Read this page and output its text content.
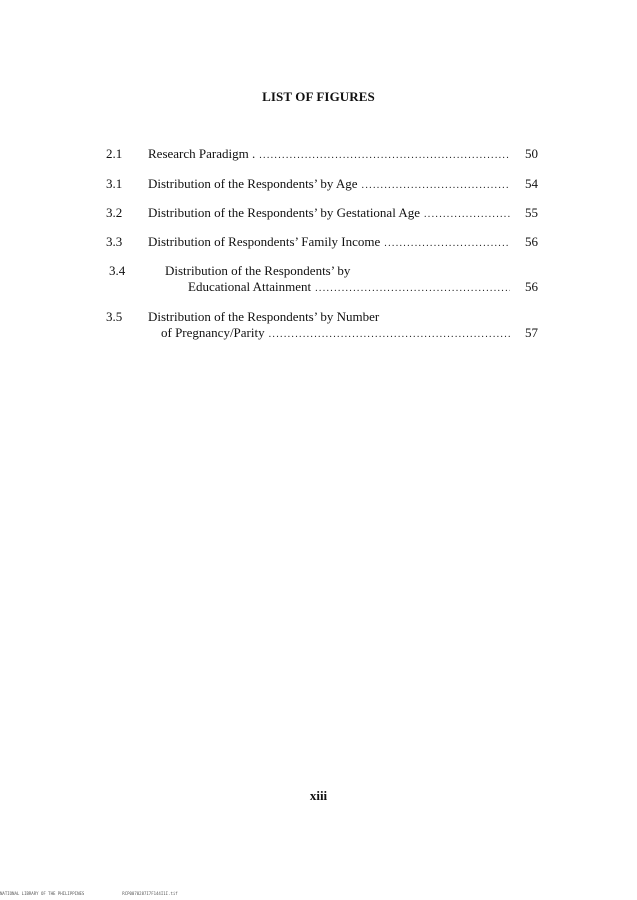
LIST OF FIGURES
2.1 Research Paradigm . .....	50
3.1 Distribution of the Respondents’ by Age .....	54
3.2 Distribution of the Respondents’ by Gestational Age .....	55
3.3 Distribution of Respondents’ Family Income .....	56
3.4	Distribution of the Respondents’ by
Educational Attainment .....	56
3.5 Distribution of the Respondents’ by Number
of Pregnancy/Parity .....	57
xiii
NATIONAL LIBRARY OF THE PHILIPPINES	RCP0070287I7F144I1I.tif
